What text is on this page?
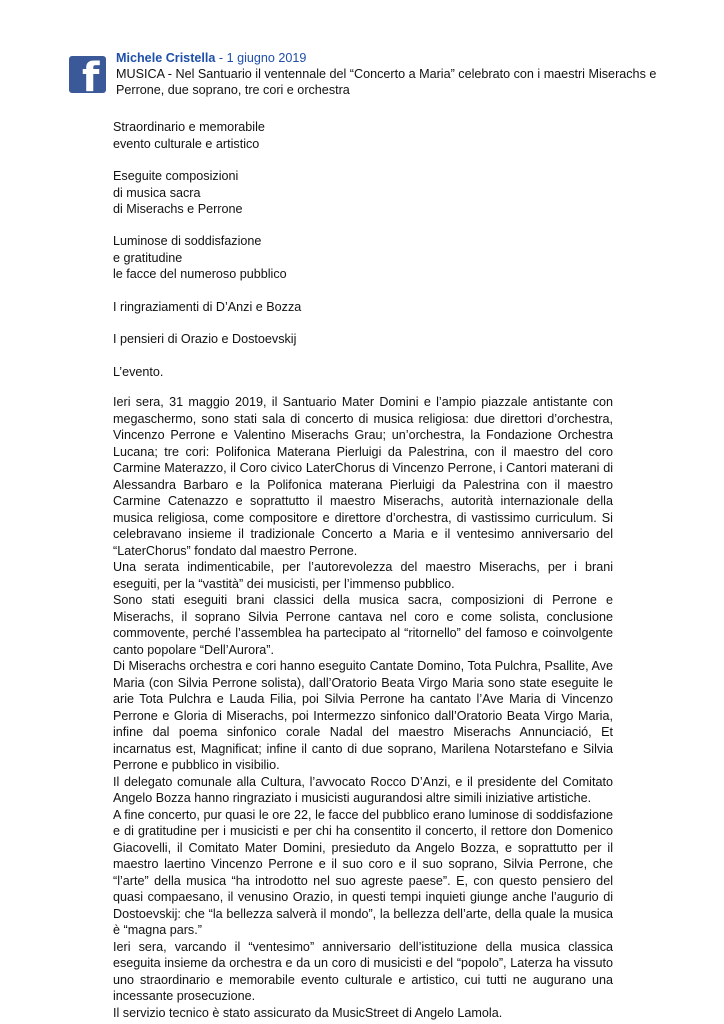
f Michele Cristella - 1 giugno 2019
MUSICA - Nel Santuario il ventennale del “Concerto a Maria” celebrato con i maestri Miserachs e Perrone, due soprano, tre cori e orchestra
Straordinario e memorabile
evento culturale e artistico
Eseguite composizioni
di musica sacra
di Miserachs e Perrone
Luminose di soddisfazione
e gratitudine
le facce del numeroso pubblico
I ringraziamenti di D’Anzi e Bozza
I pensieri di Orazio e Dostoevskij
L’evento.

Ieri sera, 31 maggio 2019, il Santuario Mater Domini e l’ampio piazzale antistante con megaschermo, sono stati sala di concerto di musica religiosa: due direttori d’orchestra, Vincenzo Perrone e Valentino Miserachs Grau; un’orchestra, la Fondazione Orchestra Lucana; tre cori: Polifonica Materana Pierluigi da Palestrina, con il maestro del coro Carmine Materazzo, il Coro civico LaterChorus di Vincenzo Perrone, i Cantori materani di Alessandra Barbaro e la Polifonica materana Pierluigi da Palestrina con il maestro Carmine Catenazzo e soprattutto il maestro Miserachs, autorità internazionale della musica religiosa, come compositore e direttore d’orchestra, di vastissimo curriculum. Si celebravano insieme il tradizionale Concerto a Maria e il ventesimo anniversario del “LaterChorus” fondato dal maestro Perrone.

Una serata indimenticabile, per l’autorevolezza del maestro Miserachs, per i brani eseguiti, per la “vastità” dei musicisti, per l’immenso pubblico.

Sono stati eseguiti brani classici della musica sacra, composizioni di Perrone e Miserachs, il soprano Silvia Perrone cantava nel coro e come solista, conclusione commovente, perché l’assemblea ha partecipato al “ritornello” del famoso e coinvolgente canto popolare “Dell’Aurora”.

Di Miserachs orchestra e cori hanno eseguito Cantate Domino, Tota Pulchra, Psallite, Ave Maria (con Silvia Perrone solista), dall’Oratorio Beata Virgo Maria sono state eseguite le arie Tota Pulchra e Lauda Filia, poi Silvia Perrone ha cantato l’Ave Maria di Vincenzo Perrone e Gloria di Miserachs, poi Intermezzo sinfonico dall’Oratorio Beata Virgo Maria, infine dal poema sinfonico corale Nadal del maestro Miserachs Annunciació, Et incarnatus est, Magnificat; infine il canto di due soprano, Marilena Notarstefano e Silvia Perrone e pubblico in visibilio.

Il delegato comunale alla Cultura, l’avvocato Rocco D’Anzi, e il presidente del Comitato Angelo Bozza hanno ringraziato i musicisti augurandosi altre simili iniziative artistiche.

A fine concerto, pur quasi le ore 22, le facce del pubblico erano luminose di soddisfazione e di gratitudine per i musicisti e per chi ha consentito il concerto, il rettore don Domenico Giacovelli, il Comitato Mater Domini, presieduto da Angelo Bozza, e soprattutto per il maestro laertino Vincenzo Perrone e il suo coro e il suo soprano, Silvia Perrone, che “l’arte” della musica “ha introdotto nel suo agreste paese”. E, con questo pensiero del quasi compaesano, il venusino Orazio, in questi tempi inquieti giunge anche l’augurio di Dostoevskij: che “la bellezza salverà il mondo”, la bellezza dell’arte, della quale la musica è “magna pars.”

Ieri sera, varcando il “ventesimo” anniversario dell’istituzione della musica classica eseguita insieme da orchestra e da un coro di musicisti e del “popolo”, Laterza ha vissuto uno straordinario e memorabile evento culturale e artistico, cui tutti ne augurano una incessante prosecuzione.

Il servizio tecnico è stato assicurato da MusicStreet di Angelo Lamola.
